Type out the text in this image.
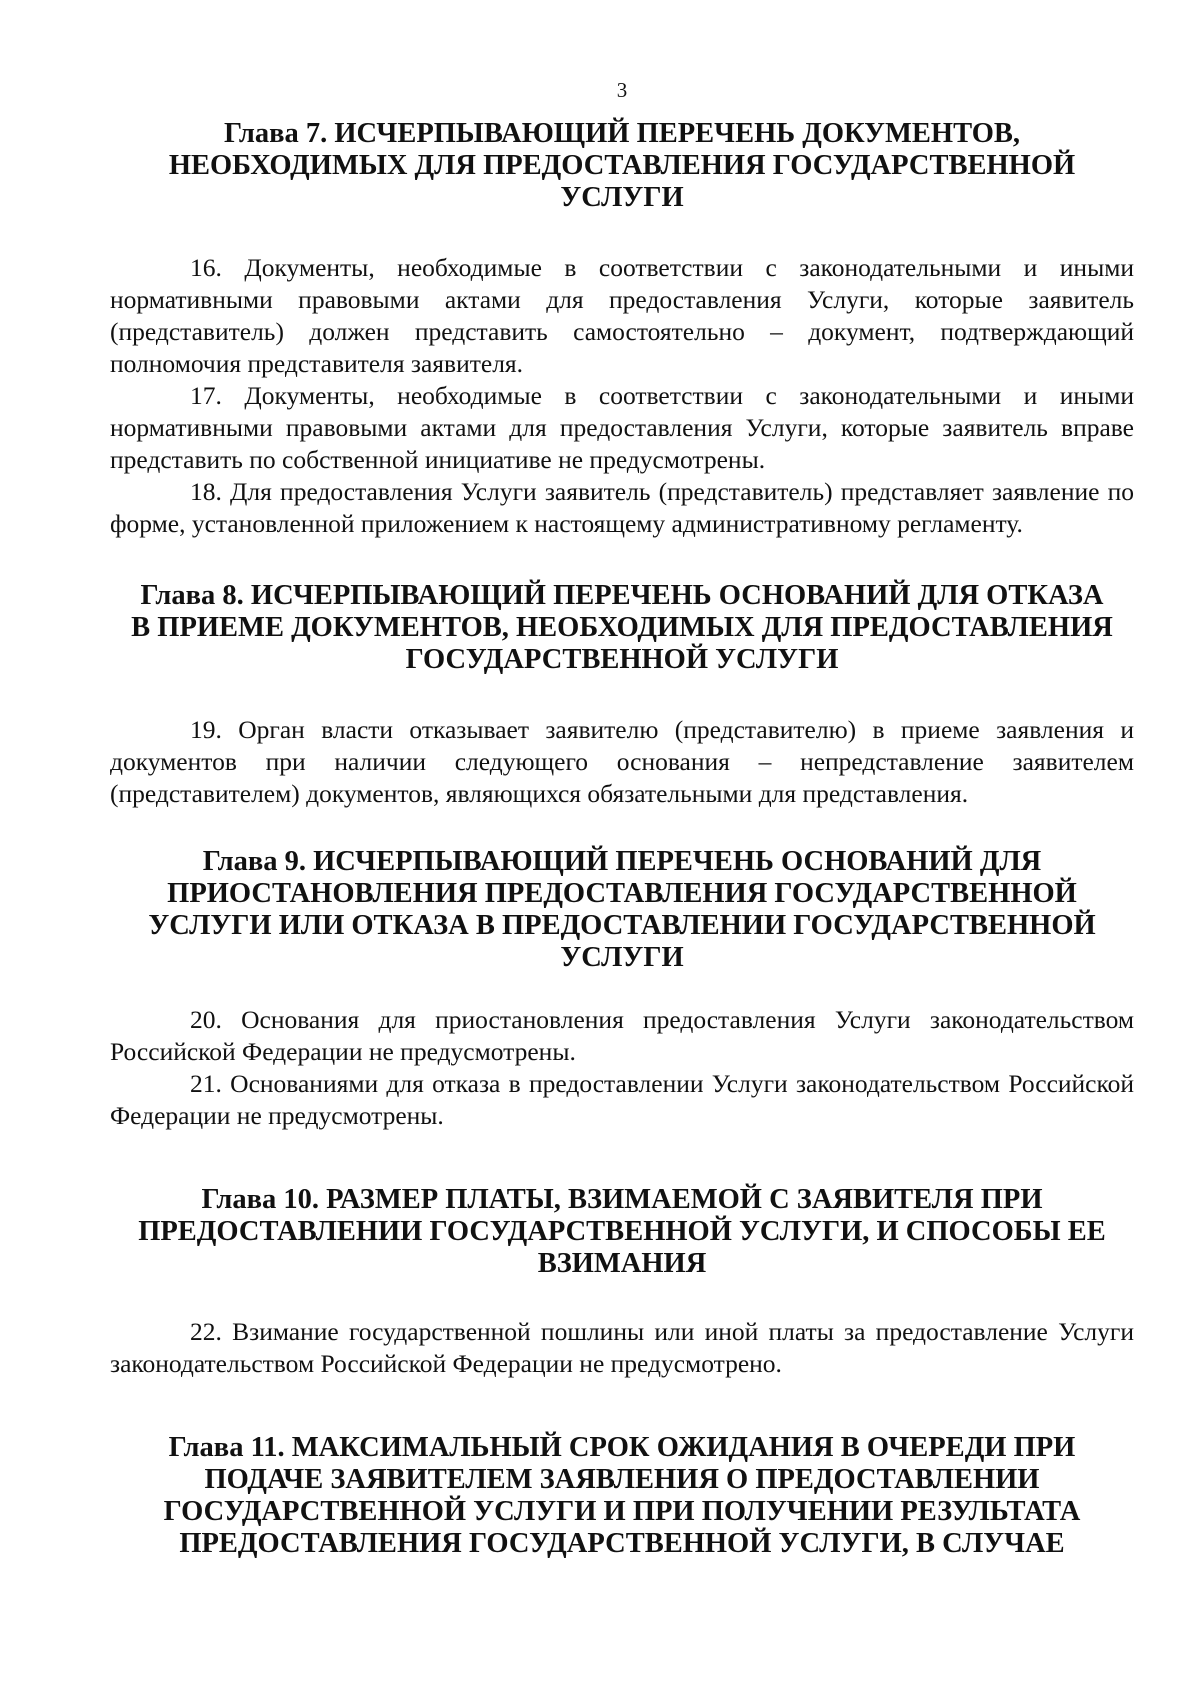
3
Глава 7. ИСЧЕРПЫВАЮЩИЙ ПЕРЕЧЕНЬ ДОКУМЕНТОВ,
НЕОБХОДИМЫХ ДЛЯ ПРЕДОСТАВЛЕНИЯ ГОСУДАРСТВЕННОЙ
УСЛУГИ

16. Документы, необходимые в соответствии с законодательными и иными нормативными правовыми актами для предоставления Услуги, которые заявитель (представитель) должен представить самостоятельно – документ, подтверждающий полномочия представителя заявителя.

17. Документы, необходимые в соответствии с законодательными и иными нормативными правовыми актами для предоставления Услуги, которые заявитель вправе представить по собственной инициативе не предусмотрены.

18. Для предоставления Услуги заявитель (представитель) представляет заявление по форме, установленной приложением к настоящему административному регламенту.

Глава 8. ИСЧЕРПЫВАЮЩИЙ ПЕРЕЧЕНЬ ОСНОВАНИЙ ДЛЯ ОТКАЗА
В ПРИЕМЕ ДОКУМЕНТОВ, НЕОБХОДИМЫХ ДЛЯ ПРЕДОСТАВЛЕНИЯ
ГОСУДАРСТВЕННОЙ УСЛУГИ

19. Орган власти отказывает заявителю (представителю) в приеме заявления и документов при наличии следующего основания – непредставление заявителем (представителем) документов, являющихся обязательными для представления.

Глава 9. ИСЧЕРПЫВАЮЩИЙ ПЕРЕЧЕНЬ ОСНОВАНИЙ ДЛЯ
ПРИОСТАНОВЛЕНИЯ ПРЕДОСТАВЛЕНИЯ ГОСУДАРСТВЕННОЙ
УСЛУГИ ИЛИ ОТКАЗА В ПРЕДОСТАВЛЕНИИ ГОСУДАРСТВЕННОЙ
УСЛУГИ

20. Основания для приостановления предоставления Услуги законодательством Российской Федерации не предусмотрены.

21. Основаниями для отказа в предоставлении Услуги законодательством Российской Федерации не предусмотрены.

Глава 10. РАЗМЕР ПЛАТЫ, ВЗИМАЕМОЙ С ЗАЯВИТЕЛЯ ПРИ
ПРЕДОСТАВЛЕНИИ ГОСУДАРСТВЕННОЙ УСЛУГИ, И СПОСОБЫ ЕЕ
ВЗИМАНИЯ

22. Взимание государственной пошлины или иной платы за предоставление Услуги законодательством Российской Федерации не предусмотрено.

Глава 11. МАКСИМАЛЬНЫЙ СРОК ОЖИДАНИЯ В ОЧЕРЕДИ ПРИ
ПОДАЧЕ ЗАЯВИТЕЛЕМ ЗАЯВЛЕНИЯ О ПРЕДОСТАВЛЕНИИ
ГОСУДАРСТВЕННОЙ УСЛУГИ И ПРИ ПОЛУЧЕНИИ РЕЗУЛЬТАТА
ПРЕДОСТАВЛЕНИЯ ГОСУДАРСТВЕННОЙ УСЛУГИ, В СЛУЧАЕ
